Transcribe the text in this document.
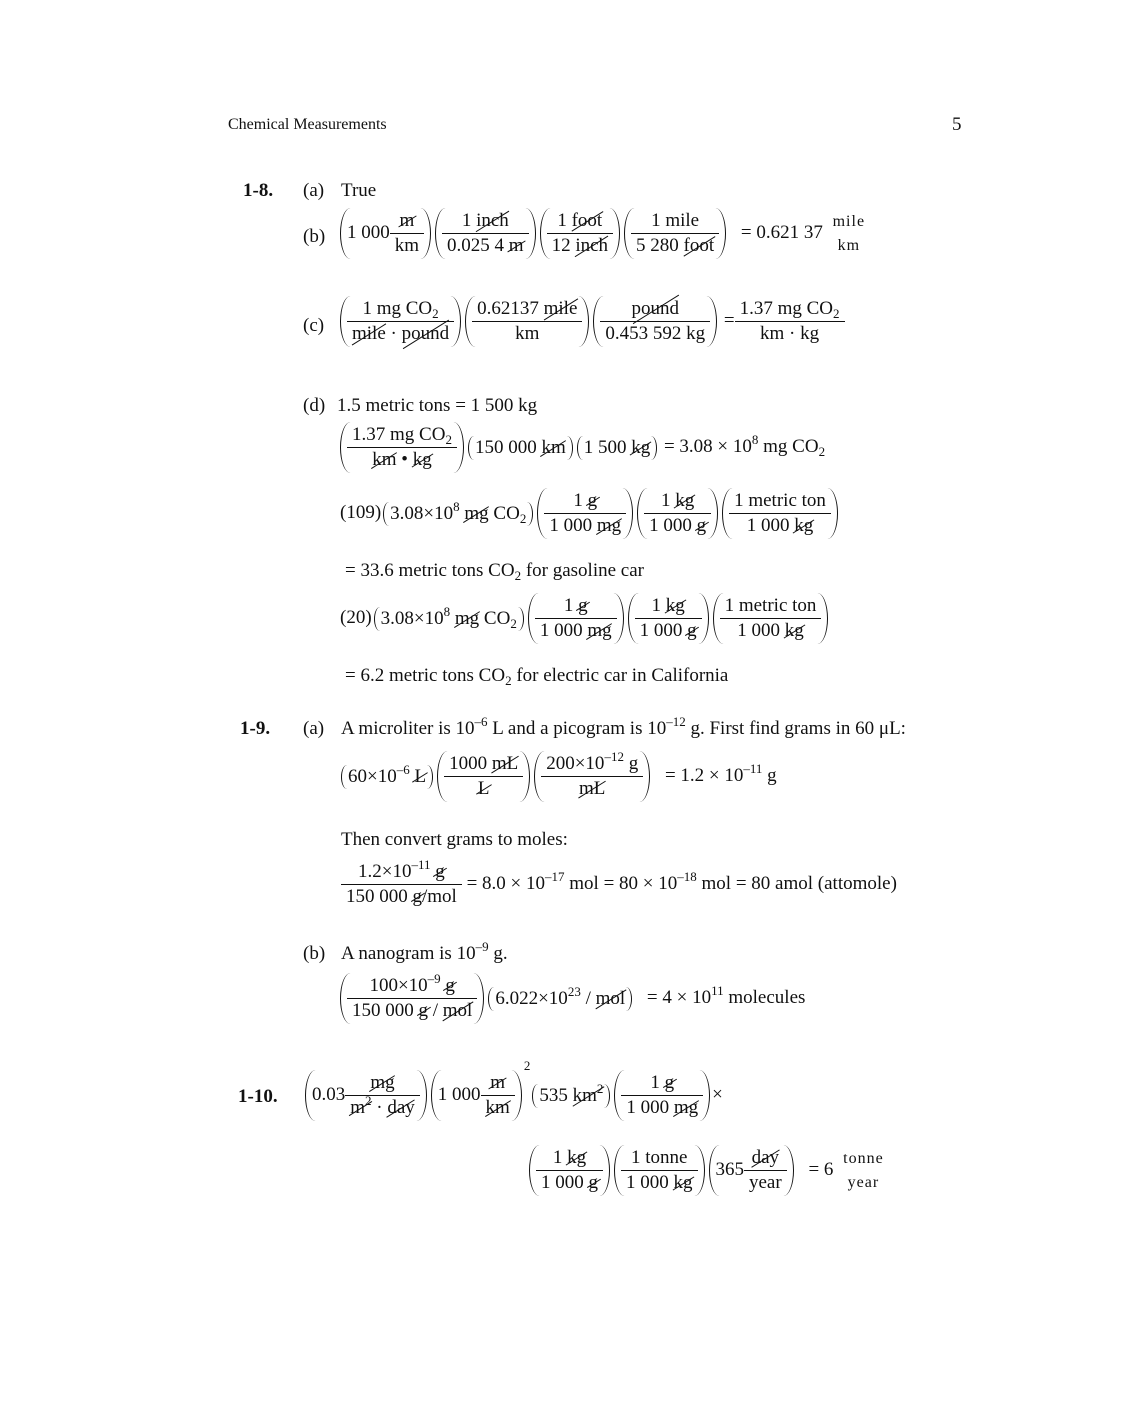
Chemical Measurements	5
1-8. (a) True
(b)	1 $000 \frac{m}{km} \frac{\text{1 inch}}{0.025 4 m} \frac{\text{1 foot}}{\text{12 inch}} \frac{\text{1 mile}}{\text{5 280 foot}} = 0.621$ 37
mile
km
$(c) \frac{1 mg CO_2}{\text{mile · pound}} \frac{\text{0.62137 mile}}{km} \frac{\text{pound}}{0.453 592 kg} = \frac{1.37 mg CO_2}{km \cdot kg}$
(d) 1.5 metric tons = 1 500 kg
$\frac{1.37 mg CO_2}{km • kg} 150$ 000 km 1 500 kg = $3.08 \times 10^8$ mg $CO_2$
(109) $3.08\times 10^8$ mg $CO_2 \frac{1 g}{1 000 mg} \frac{1 kg}{1 000 g} \frac{\text{1 metric ton}}{1 000 kg}$
= 33.6 metric tons $CO_2$ for gasoline car
(20) $3.08\times 10^8$ mg $CO_2 \frac{1 g}{1 000 mg} \frac{1 kg}{1 000 g} \frac{\text{1 metric ton}}{1 000 kg}$
= 6.2 metric tons $CO_2$ for electric car in California
1-9. (a) A microliter is $10^{-6}$ L and a picogram is $10^{-12}$ g. First find grams in 60 μL:
$60\times 10^{-6}$ L $\frac{1000 mL}{L} \frac{200\times 10^{-12} g}{mL} = 1.2 \times 10^{-11}$ g
Then convert grams to moles:
$\frac{1.2\times 10^{-11} g}{\text{150 000 g/mol}} = 8.0 \times 10^{-17}$ mol = $80 \times 10^{-18}$ mol = 80 amol (attomole)
(b) A nanogram is $10^{-9}$ g.
$\frac{100\times 10^{-9} g}{\text{150 000 g / mol}} 6.022\times 10^{23}$ / mol = $4 \times 10^{11}$ molecules
1-10.	$0.03 \frac{mg}{m^2 \cdot day} 1$ $000 \frac{m}{km}$
$^2$535 $km^2 \frac{1 g}{1 000 mg}$ ×
$\frac{1 kg}{1 000 g} \frac{\text{1 tonne}}{1 000 kg} 365 \frac{\text{day}}{\text{year}} = 6$
tonne
year
